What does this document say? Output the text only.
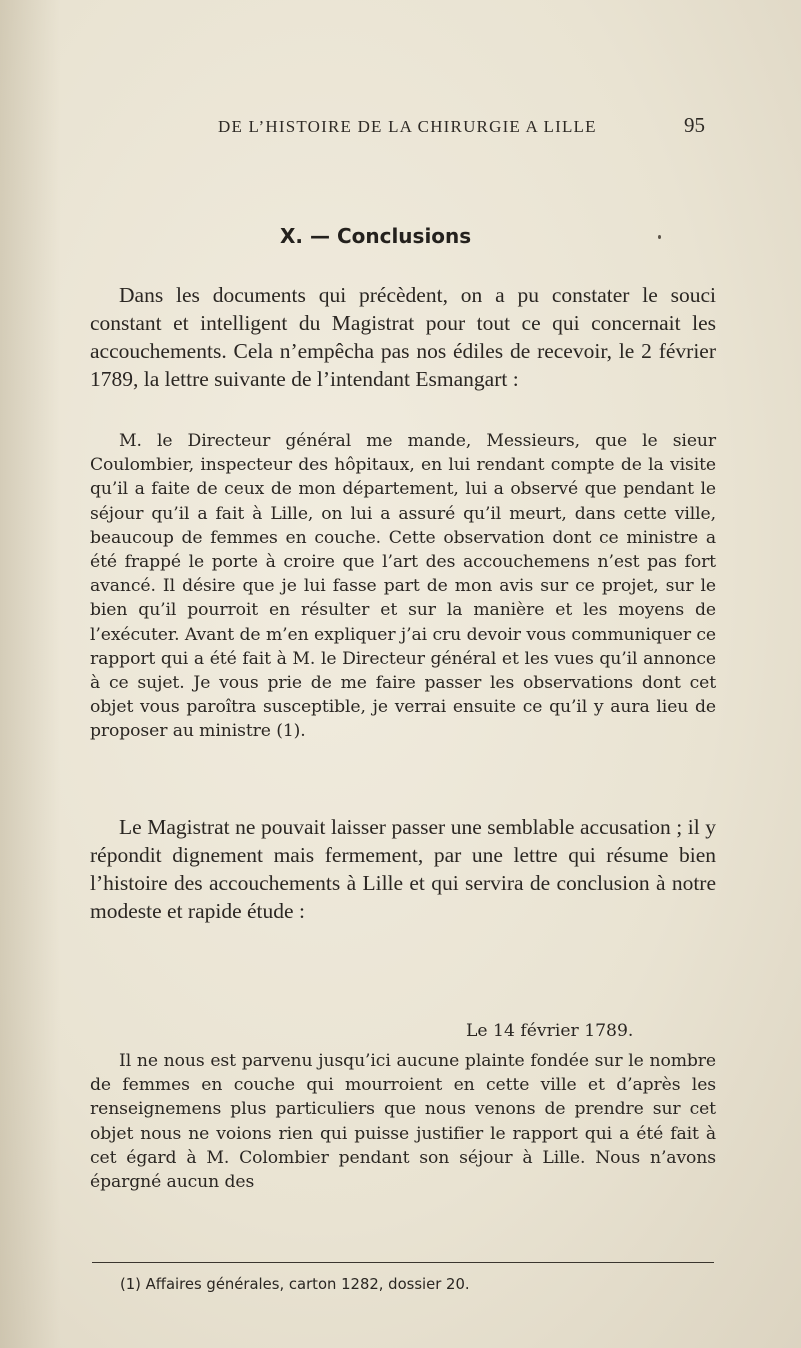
DE L’HISTOIRE DE LA CHIRURGIE A LILLE	95
X. — Conclusions

Dans les documents qui précèdent, on a pu constater le souci constant et intelligent du Magistrat pour tout ce qui concernait les accouchements. Cela n’empêcha pas nos édiles de recevoir, le 2 février 1789, la lettre suivante de l’intendant Esmangart :

M. le Directeur général me mande, Messieurs, que le sieur Coulombier, inspecteur des hôpitaux, en lui rendant compte de la visite qu’il a faite de ceux de mon département, lui a observé que pendant le séjour qu’il a fait à Lille, on lui a assuré qu’il meurt, dans cette ville, beaucoup de femmes en couche. Cette observation dont ce ministre a été frappé le porte à croire que l’art des accouchemens n’est pas fort avancé. Il désire que je lui fasse part de mon avis sur ce projet, sur le bien qu’il pourroit en résulter et sur la manière et les moyens de l’exécuter. Avant de m’en expliquer j’ai cru devoir vous communiquer ce rapport qui a été fait à M. le Directeur général et les vues qu’il annonce à ce sujet. Je vous prie de me faire passer les observations dont cet objet vous paroîtra susceptible, je verrai ensuite ce qu’il y aura lieu de proposer au ministre (1).

Le Magistrat ne pouvait laisser passer une semblable accusation ; il y répondit dignement mais fermement, par une lettre qui résume bien l’histoire des accouchements à Lille et qui servira de conclusion à notre modeste et rapide étude :

Le 14 février 1789.

Il ne nous est parvenu jusqu’ici aucune plainte fondée sur le nombre de femmes en couche qui mourroient en cette ville et d’après les renseignemens plus particuliers que nous venons de prendre sur cet objet nous ne voions rien qui puisse justifier le rapport qui a été fait à cet égard à M. Colombier pendant son séjour à Lille. Nous n’avons épargné aucun des

(1) Affaires générales, carton 1282, dossier 20.
